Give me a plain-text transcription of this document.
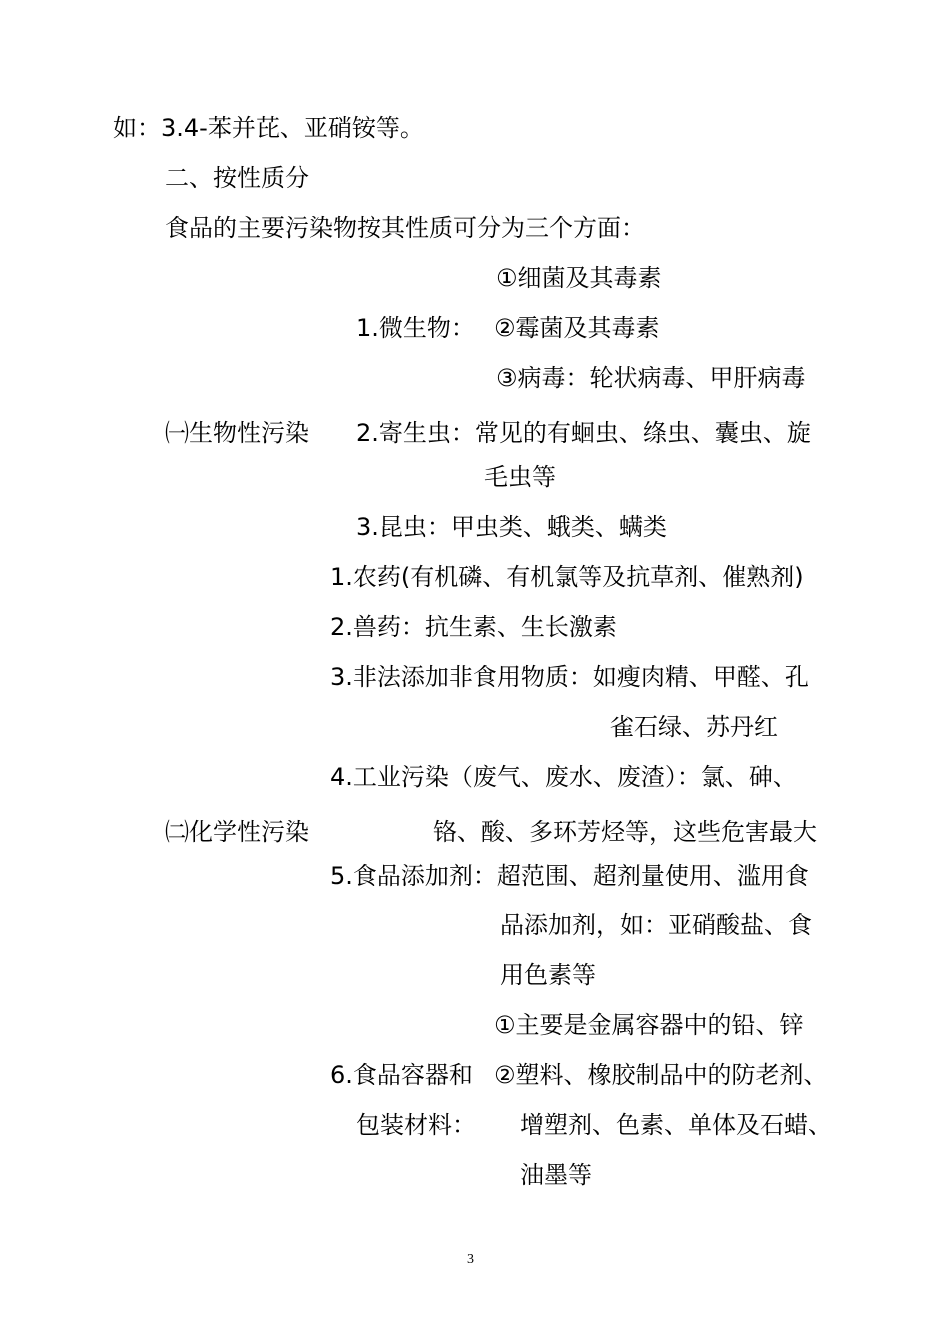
如：3.4-苯并芘、亚硝铵等。
二、按性质分
食品的主要污染物按其性质可分为三个方面：
①细菌及其毒素
1.微生物： ②霉菌及其毒素
③病毒：轮状病毒、甲肝病毒
㈠生物性污染 2.寄生虫：常见的有蛔虫、绦虫、囊虫、旋
毛虫等
3.昆虫：甲虫类、蛾类、螨类
1.农药(有机磷、有机氯等及抗草剂、催熟剂)
2.兽药：抗生素、生长激素
3.非法添加非食用物质：如瘦肉精、甲醛、孔
雀石绿、苏丹红
4.工业污染（废气、废水、废渣）：氯、砷、
㈡化学性污染	铬、酸、多环芳烃等，这些危害最大
5.食品添加剂：超范围、超剂量使用、滥用食
品添加剂，如：亚硝酸盐、食
用色素等
①主要是金属容器中的铅、锌
6.食品容器和 ②塑料、橡胶制品中的防老剂、
包装材料： 增塑剂、色素、单体及石蜡、
油墨等
3
